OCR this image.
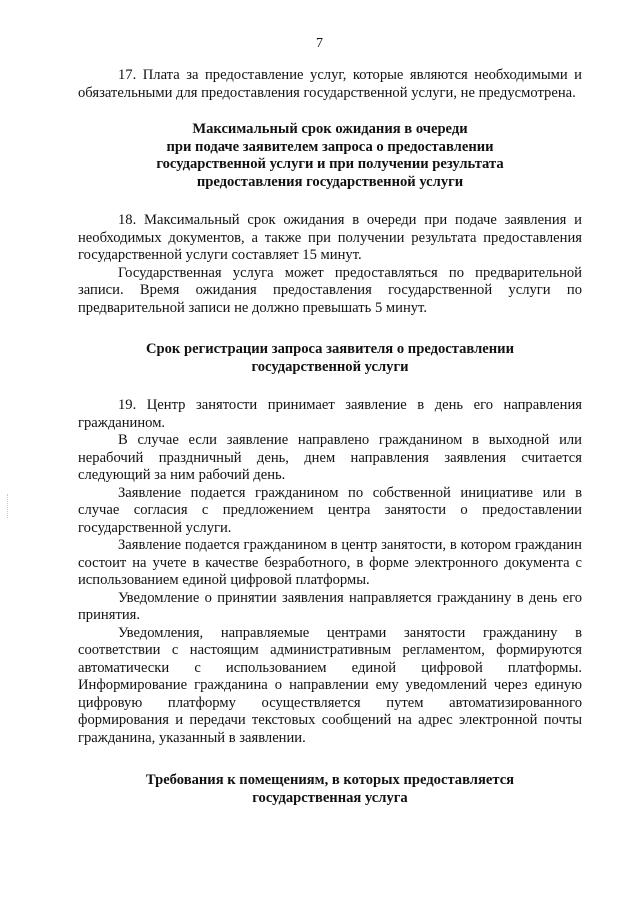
7

17. Плата за предоставление услуг, которые являются необходимыми и обязательными для предоставления государственной услуги, не предусмотрена.

Максимальный срок ожидания в очереди
при подаче заявителем запроса о предоставлении
государственной услуги и при получении результата
предоставления государственной услуги

18. Максимальный срок ожидания в очереди при подаче заявления и необходимых документов, а также при получении результата предоставления государственной услуги составляет 15 минут.

Государственная услуга может предоставляться по предварительной записи. Время ожидания предоставления государственной услуги по предварительной записи не должно превышать 5 минут.

Срок регистрации запроса заявителя о предоставлении
государственной услуги

19. Центр занятости принимает заявление в день его направления гражданином.

В случае если заявление направлено гражданином в выходной или нерабочий праздничный день, днем направления заявления считается следующий за ним рабочий день.

Заявление подается гражданином по собственной инициативе или в случае согласия с предложением центра занятости о предоставлении государственной услуги.

Заявление подается гражданином в центр занятости, в котором гражданин состоит на учете в качестве безработного, в форме электронного документа с использованием единой цифровой платформы.

Уведомление о принятии заявления направляется гражданину в день его принятия.

Уведомления, направляемые центрами занятости гражданину в соответствии с настоящим административным регламентом, формируются автоматически с использованием единой цифровой платформы. Информирование гражданина о направлении ему уведомлений через единую цифровую платформу осуществляется путем автоматизированного формирования и передачи текстовых сообщений на адрес электронной почты гражданина, указанный в заявлении.

Требования к помещениям, в которых предоставляется
государственная услуга
